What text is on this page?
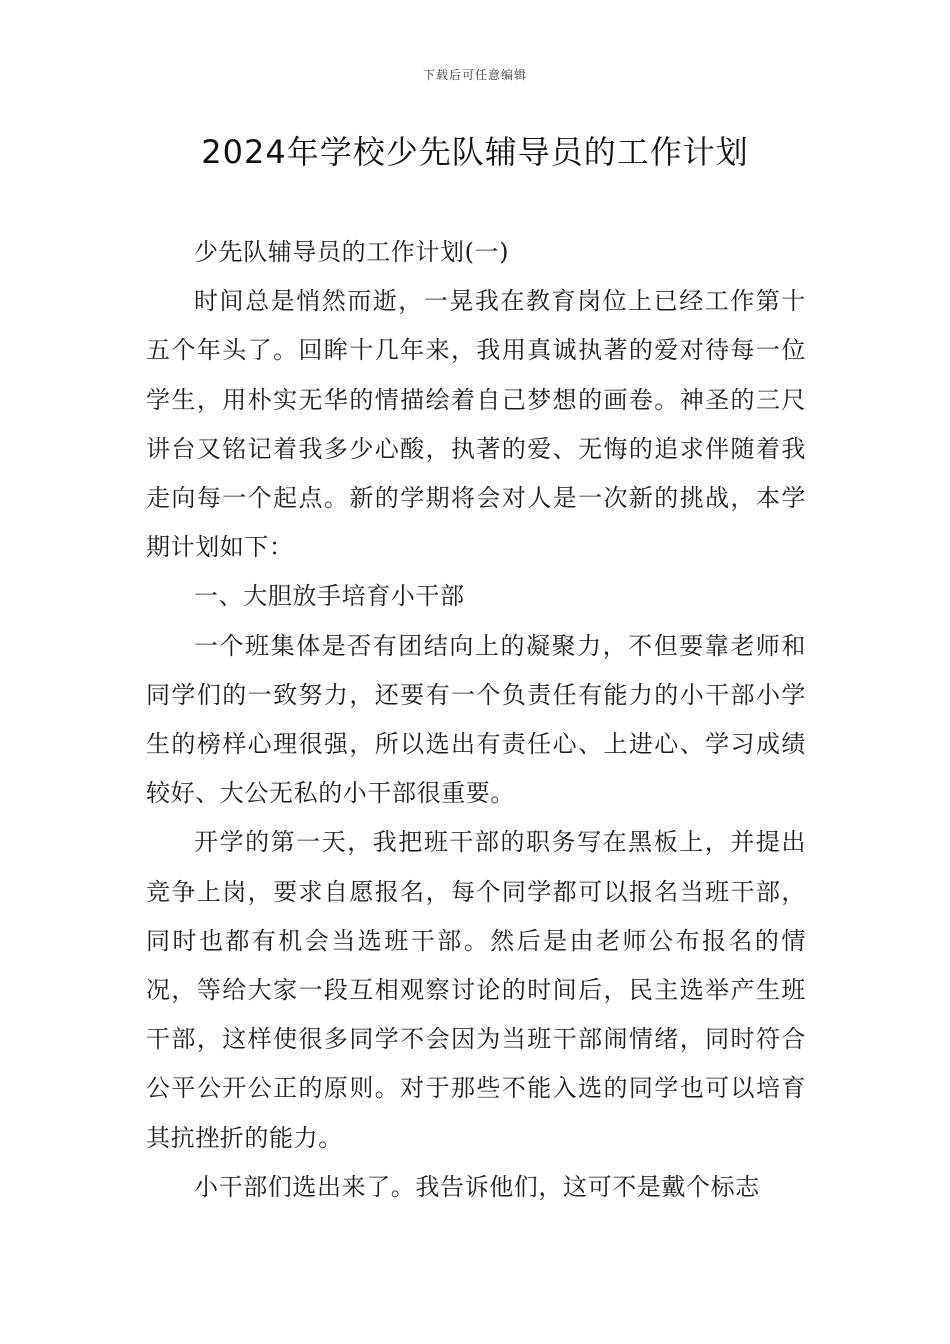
下载后可任意编辑
2024年学校少先队辅导员的工作计划

少先队辅导员的工作计划(一)

时间总是悄然而逝，一晃我在教育岗位上已经工作第十五个年头了。回眸十几年来，我用真诚执著的爱对待每一位学生，用朴实无华的情描绘着自己梦想的画卷。神圣的三尺讲台又铭记着我多少心酸，执著的爱、无悔的追求伴随着我走向每一个起点。新的学期将会对人是一次新的挑战，本学期计划如下：

一、大胆放手培育小干部

一个班集体是否有团结向上的凝聚力，不但要靠老师和同学们的一致努力，还要有一个负责任有能力的小干部小学生的榜样心理很强，所以选出有责任心、上进心、学习成绩较好、大公无私的小干部很重要。

开学的第一天，我把班干部的职务写在黑板上，并提出竞争上岗，要求自愿报名，每个同学都可以报名当班干部，同时也都有机会当选班干部。然后是由老师公布报名的情况，等给大家一段互相观察讨论的时间后，民主选举产生班干部，这样使很多同学不会因为当班干部闹情绪，同时符合公平公开公正的原则。对于那些不能入选的同学也可以培育其抗挫折的能力。

小干部们选出来了。我告诉他们，这可不是戴个标志
